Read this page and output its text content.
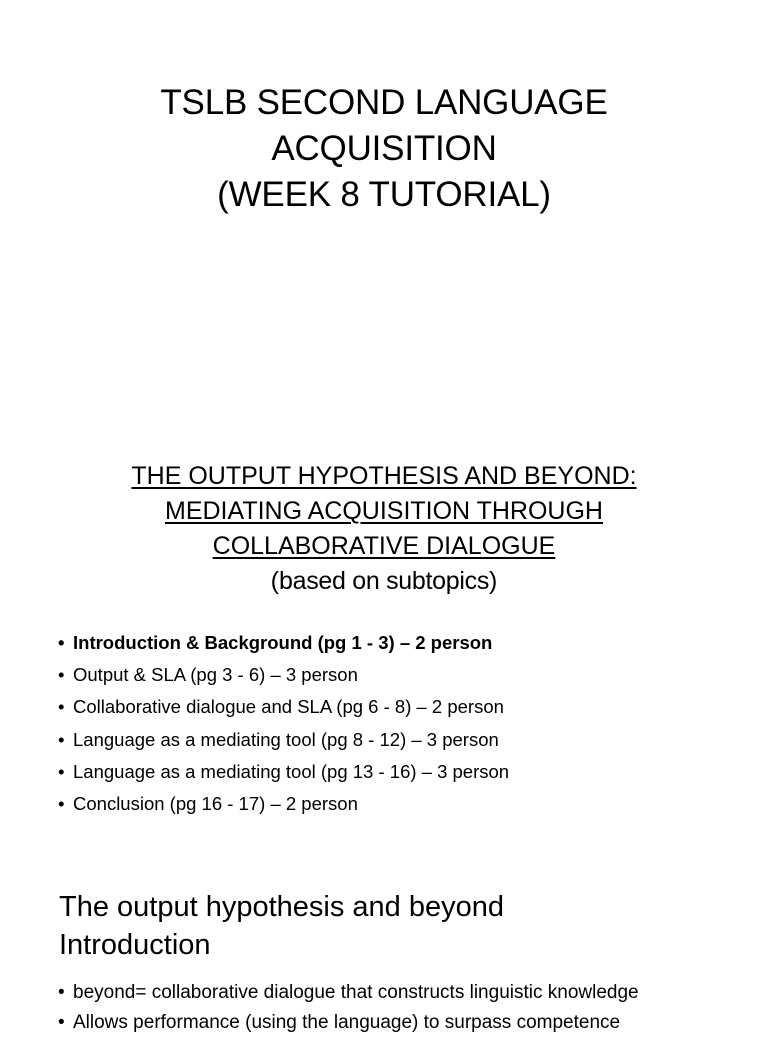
TSLB SECOND LANGUAGE
ACQUISITION
(WEEK 8 TUTORIAL)
THE OUTPUT HYPOTHESIS AND BEYOND:
MEDIATING ACQUISITION THROUGH
COLLABORATIVE DIALOGUE
(based on subtopics)
• Introduction & Background (pg 1 - 3) – 2 person
• Output & SLA (pg 3 - 6) – 3 person
• Collaborative dialogue and SLA (pg 6 - 8) – 2 person
• Language as a mediating tool (pg 8 - 12) – 3 person
• Language as a mediating tool (pg 13 - 16) – 3 person
• Conclusion (pg 16 - 17) – 2 person
The output hypothesis and beyond
Introduction
• beyond= collaborative dialogue that constructs linguistic knowledge
• Allows performance (using the language) to surpass competence
